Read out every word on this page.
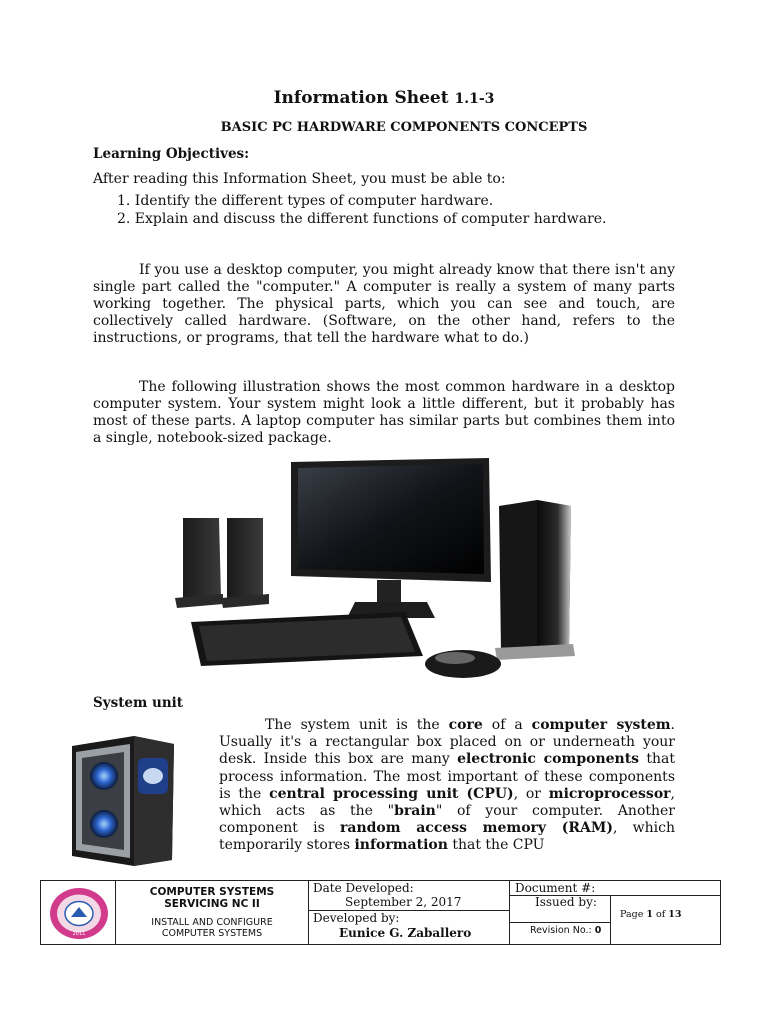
Information Sheet 1.1-3
BASIC PC HARDWARE COMPONENTS CONCEPTS
Learning Objectives:
After reading this Information Sheet, you must be able to:
1. Identify the different types of computer hardware.
2. Explain and discuss the different functions of computer hardware.

If you use a desktop computer, you might already know that there isn't any single part called the "computer." A computer is really a system of many parts working together. The physical parts, which you can see and touch, are collectively called hardware. (Software, on the other hand, refers to the instructions, or programs, that tell the hardware what to do.)

The following illustration shows the most common hardware in a desktop computer system. Your system might look a little different, but it probably has most of these parts. A laptop computer has similar parts but combines them into a single, notebook-sized package.

System unit
The system unit is the core of a computer system. Usually it's a rectangular box placed on or underneath your desk. Inside this box are many electronic components that process information. The most important of these components is the central processing unit (CPU), or microprocessor, which acts as the "brain" of your computer. Another component is random access memory (RAM), which temporarily stores information that the CPU
2011
COMPUTER SYSTEMS
SERVICING NC II
INSTALL AND CONFIGURE
COMPUTER SYSTEMS
Date Developed:
September 2, 2017
Developed by:
Eunice G. Zaballero
Document #:
Issued by:
Revision No.: 0
Page 1 of 13
